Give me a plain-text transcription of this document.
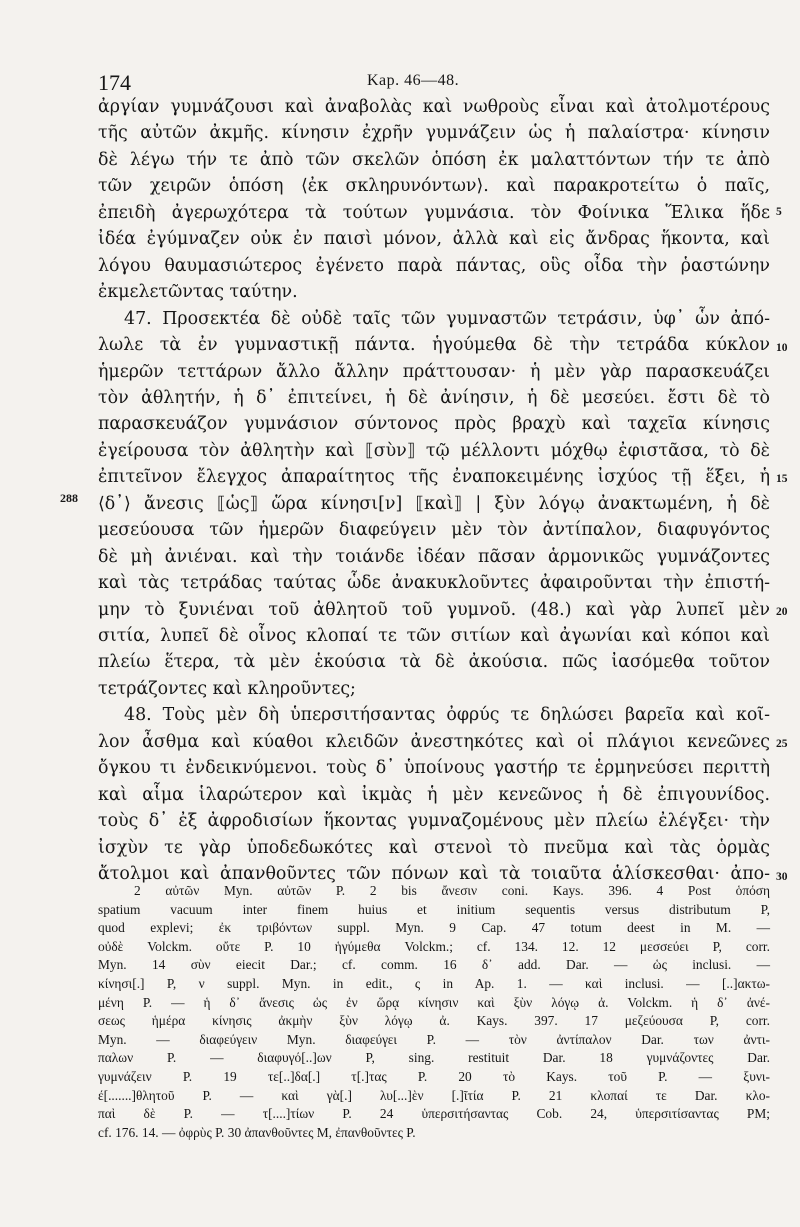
174	Kap. 46—48.
ἀργίαν γυμνάζουσι καὶ ἀναβολὰς καὶ νωθροὺς εἶναι καὶ ἀτολμοτέρους
τῆς αὐτῶν ἀκμῆς. κίνησιν ἐχρῆν γυμνάζειν ὡς ἡ παλαίστρα· κίνησιν
δὲ λέγω τήν τε ἀπὸ τῶν σκελῶν ὁπόση ἐκ μαλαττόντων τήν τε ἀπὸ
τῶν χειρῶν ὁπόση ⟨ἐκ σκληρυνόντων⟩. καὶ παρακροτείτω ὁ παῖς,
ἐπειδὴ ἀγερωχότερα τὰ τούτων γυμνάσια. τὸν Φοίνικα Ἕλικα ἥδε
ἰδέα ἐγύμναζεν οὐκ ἐν παισὶ μόνον, ἀλλὰ καὶ εἰς ἄνδρας ἥκοντα, καὶ
λόγου θαυμασιώτερος ἐγένετο παρὰ πάντας, οὓς οἶδα τὴν ῥαστώνην
ἐκμελετῶντας ταύτην.
47. Προσεκτέα δὲ οὐδὲ ταῖς τῶν γυμναστῶν τετράσιν, ὑφ᾿ ὧν ἀπό-
λωλε τὰ ἐν γυμναστικῇ πάντα. ἡγούμεθα δὲ τὴν τετράδα κύκλον
ἡμερῶν τεττάρων ἄλλο ἄλλην πράττουσαν· ἡ μὲν γὰρ παρασκευάζει
τὸν ἀθλητήν, ἡ δ᾿ ἐπιτείνει, ἡ δὲ ἀνίησιν, ἡ δὲ μεσεύει. ἔστι δὲ τὸ
παρασκευάζον γυμνάσιον σύντονος πρὸς βραχὺ καὶ ταχεῖα κίνησις
ἐγείρουσα τὸν ἀθλητὴν καὶ ⟦σὺν⟧ τῷ μέλλοντι μόχθῳ ἐφιστᾶσα, τὸ δὲ
ἐπιτεῖνον ἔλεγχος ἀπαραίτητος τῆς ἐναποκειμένης ἰσχύος τῇ ἕξει, ἡ
⟨δ᾿⟩ ἄνεσις ⟦ὡς⟧ ὥρα κίνησι[ν] ⟦καὶ⟧ | ξὺν λόγῳ ἀνακτωμένη, ἡ δὲ
μεσεύουσα τῶν ἡμερῶν διαφεύγειν μὲν τὸν ἀντίπαλον, διαφυγόντος
δὲ μὴ ἀνιέναι. καὶ τὴν τοιάνδε ἰδέαν πᾶσαν ἁρμονικῶς γυμνάζοντες
καὶ τὰς τετράδας ταύτας ὧδε ἀνακυκλοῦντες ἀφαιροῦνται τὴν ἐπιστή-
μην τὸ ξυνιέναι τοῦ ἀθλητοῦ τοῦ γυμνοῦ. (48.) καὶ γὰρ λυπεῖ μὲν
σιτία, λυπεῖ δὲ οἶνος κλοπαί τε τῶν σιτίων καὶ ἀγωνίαι καὶ κόποι καὶ
πλείω ἕτερα, τὰ μὲν ἑκούσια τὰ δὲ ἀκούσια. πῶς ἰασόμεθα τοῦτον
τετράζοντες καὶ κληροῦντες;
48. Τοὺς μὲν δὴ ὑπερσιτήσαντας ὀφρύς τε δηλώσει βαρεῖα καὶ κοῖ-
λον ἆσθμα καὶ κύαθοι κλειδῶν ἀνεστηκότες καὶ οἱ πλάγιοι κενεῶνες
ὄγκου τι ἐνδεικνύμενοι. τοὺς δ᾿ ὑποίνους γαστήρ τε ἑρμηνεύσει περιττὴ
καὶ αἷμα ἱλαρώτερον καὶ ἰκμὰς ἡ μὲν κενεῶνος ἡ δὲ ἐπιγουνίδος.
τοὺς δ᾿ ἐξ ἀφροδισίων ἥκοντας γυμναζομένους μὲν πλείω ἐλέγξει· τὴν
ἰσχὺν τε γὰρ ὑποδεδωκότες καὶ στενοὶ τὸ πνεῦμα καὶ τὰς ὁρμὰς
ἄτολμοι καὶ ἀπανθοῦντες τῶν πόνων καὶ τὰ τοιαῦτα ἁλίσκεσθαι· ἀπο-
5
10
15
20
25
30
288
2 αὐτῶν Myn. αὐτῶν P. 2 bis ἄνεσιν coni. Kays. 396. 4 Post ὁπόση
spatium vacuum inter finem huius et initium sequentis versus distributum P,
quod explevi; ἐκ τριβόντων suppl. Myn. 9 Cap. 47 totum deest in M. —
οὐδὲ Volckm. οὔτε P. 10 ἡγύμεθα Volckm.; cf. 134. 12. 12 μεσσεύει P, corr.
Myn. 14 σὺν eiecit Dar.; cf. comm. 16 δ᾿ add. Dar. — ὡς inclusi. —
κίνησι[.] P, ν suppl. Myn. in edit., ς in Ap. 1. — καὶ inclusi. — [..]ακτω-
μένη P. — ἡ δ᾿ ἄνεσις ὡς ἐν ὥρᾳ κίνησιν καὶ ξὺν λόγῳ ἀ. Volckm. ἡ δ᾿ ἀνέ-
σεως ἡμέρα κίνησις ἀκμὴν ξὺν λόγῳ ἀ. Kays. 397. 17 μεζεύουσα P, corr.
Myn. — διαφεύγειν Myn. διαφεύγει P. — τὸν ἀντίπαλον Dar. των ἀντι-
παλων P. — διαφυγό[..]ων P, sing. restituit Dar. 18 γυμνάζοντες Dar.
γυμνάζειν P. 19 τε[..]δα[.] τ[.]τας P. 20 τὸ Kays. τοῦ P. — ξυνι-
έ[.......]θλητοῦ P. — καὶ γὰ[.] λυ[...]ὲν [.]ῖτία P. 21 κλοπαί τε Dar. κλο-
παὶ δὲ P. — τ[....]τίων P. 24 ὑπερσιτήσαντας Cob. 24, ὑπερσιτίσαντας PM;
cf. 176. 14. — ὀφρὺς P. 30 ἀπανθοῦντες M, ἐπανθοῦντες P.
